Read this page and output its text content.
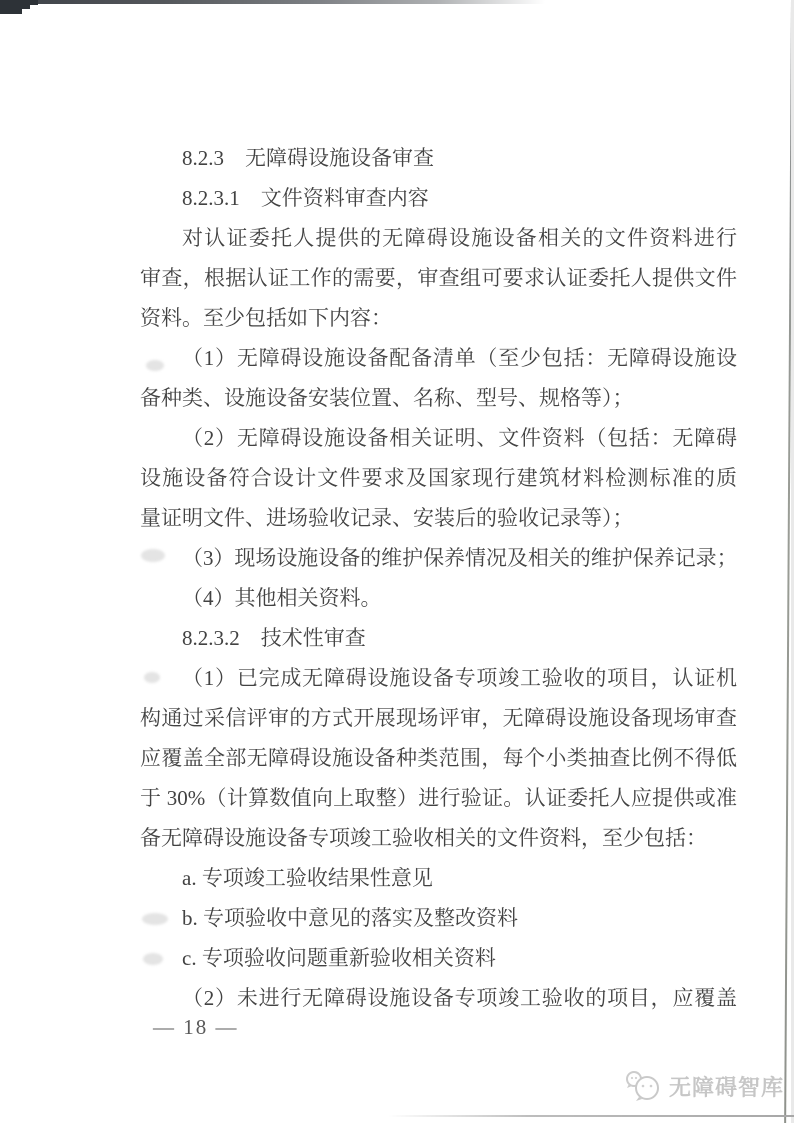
8.2.3　无障碍设施设备审查
8.2.3.1　文件资料审查内容
对认证委托人提供的无障碍设施设备相关的文件资料进行
审查，根据认证工作的需要，审查组可要求认证委托人提供文件
资料。至少包括如下内容：
（1）无障碍设施设备配备清单（至少包括：无障碍设施设
备种类、设施设备安装位置、名称、型号、规格等）；
（2）无障碍设施设备相关证明、文件资料（包括：无障碍
设施设备符合设计文件要求及国家现行建筑材料检测标准的质
量证明文件、进场验收记录、安装后的验收记录等）；
（3）现场设施设备的维护保养情况及相关的维护保养记录；
（4）其他相关资料。
8.2.3.2　技术性审查
（1）已完成无障碍设施设备专项竣工验收的项目，认证机
构通过采信评审的方式开展现场评审，无障碍设施设备现场审查
应覆盖全部无障碍设施设备种类范围，每个小类抽查比例不得低
于 30%（计算数值向上取整）进行验证。认证委托人应提供或准
备无障碍设施设备专项竣工验收相关的文件资料，至少包括：
a. 专项竣工验收结果性意见
b. 专项验收中意见的落实及整改资料
c. 专项验收问题重新验收相关资料
（2）未进行无障碍设施设备专项竣工验收的项目，应覆盖
— 18 —
无障碍智库
